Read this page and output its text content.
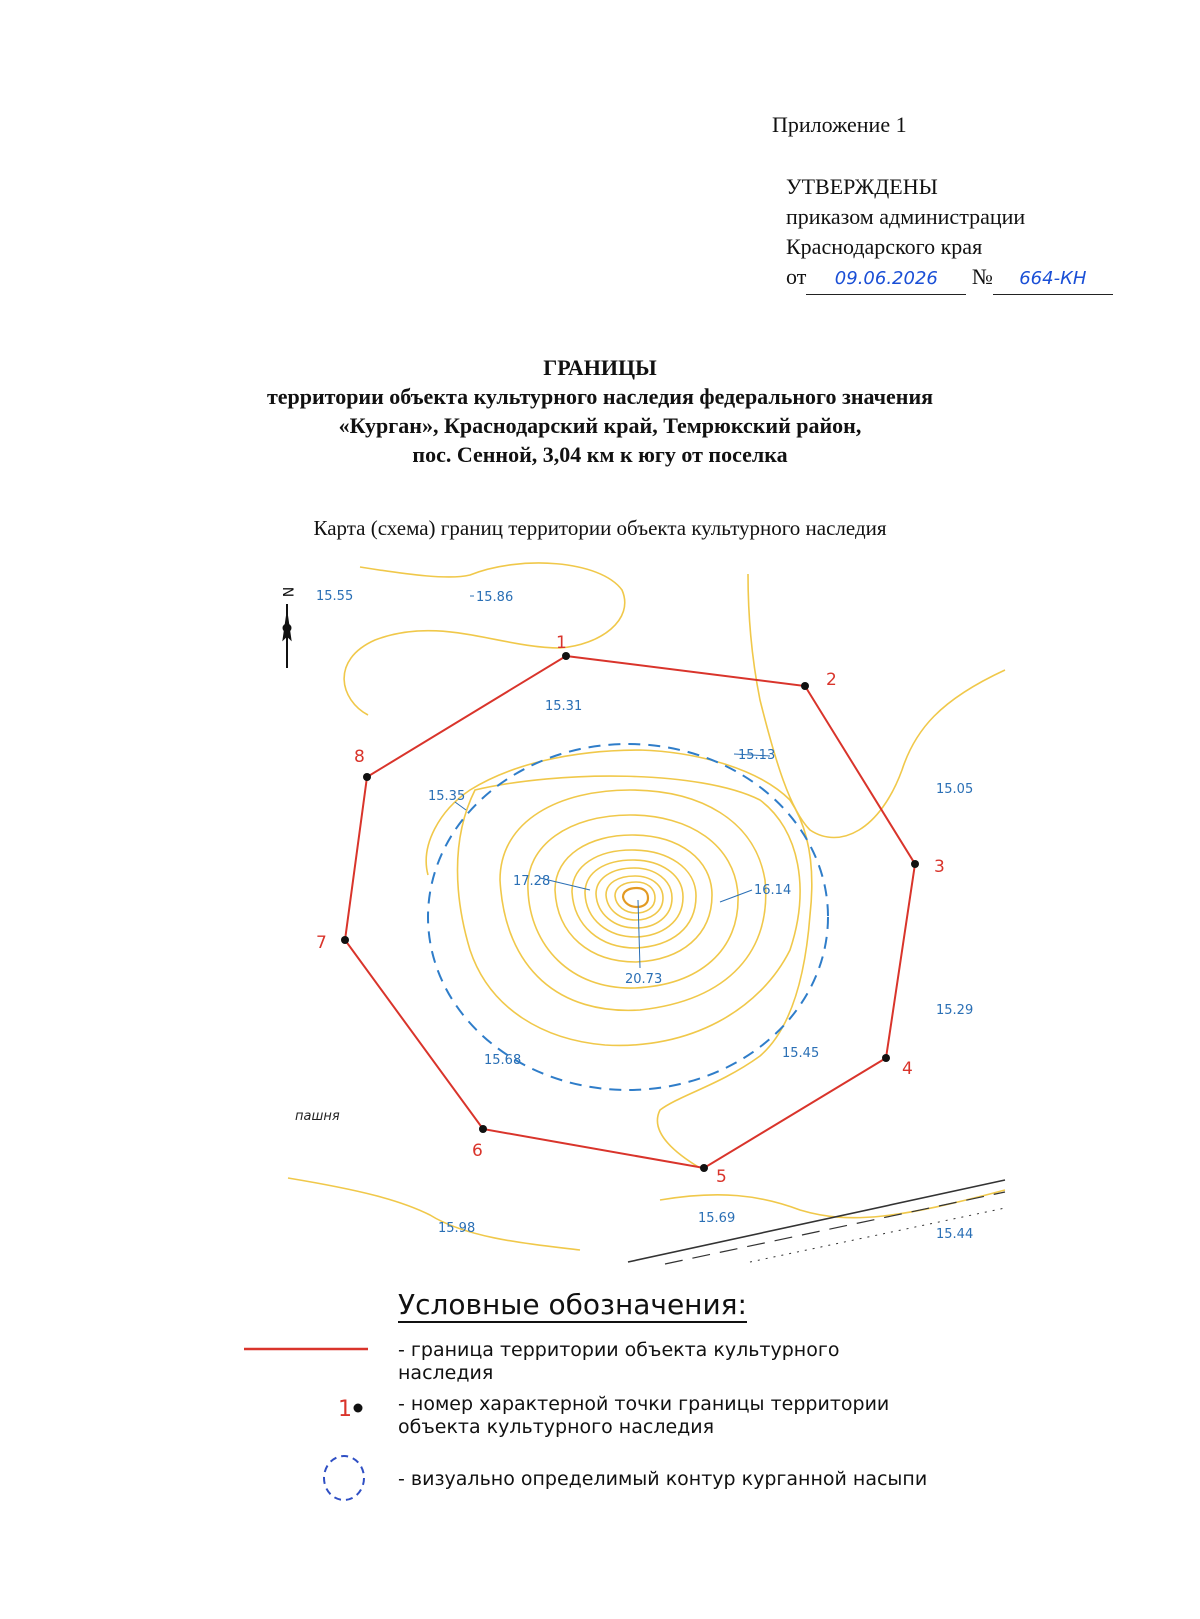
Приложение 1
УТВЕРЖДЕНЫ
приказом администрации
Краснодарского края
от 09.06.2026 № 664-КН
ГРАНИЦЫ
территории объекта культурного наследия федерального значения
«Курган», Краснодарский край, Темрюкский район,
пос. Сенной, 3,04 км к югу от поселка
Карта (схема) границ территории объекта культурного наследия
N
1
2
3
4
5
6
7
8
15.55	15.86
15.31
15.13
15.05
15.35
17.28
16.14
20.73
15.29
15.68	15.45
15.98
15.69
15.44
пашня
Условные обозначения:
1
- граница территории объекта культурного
наследия
- номер характерной точки границы территории
объекта культурного наследия
- визуально определимый контур курганной насыпи
